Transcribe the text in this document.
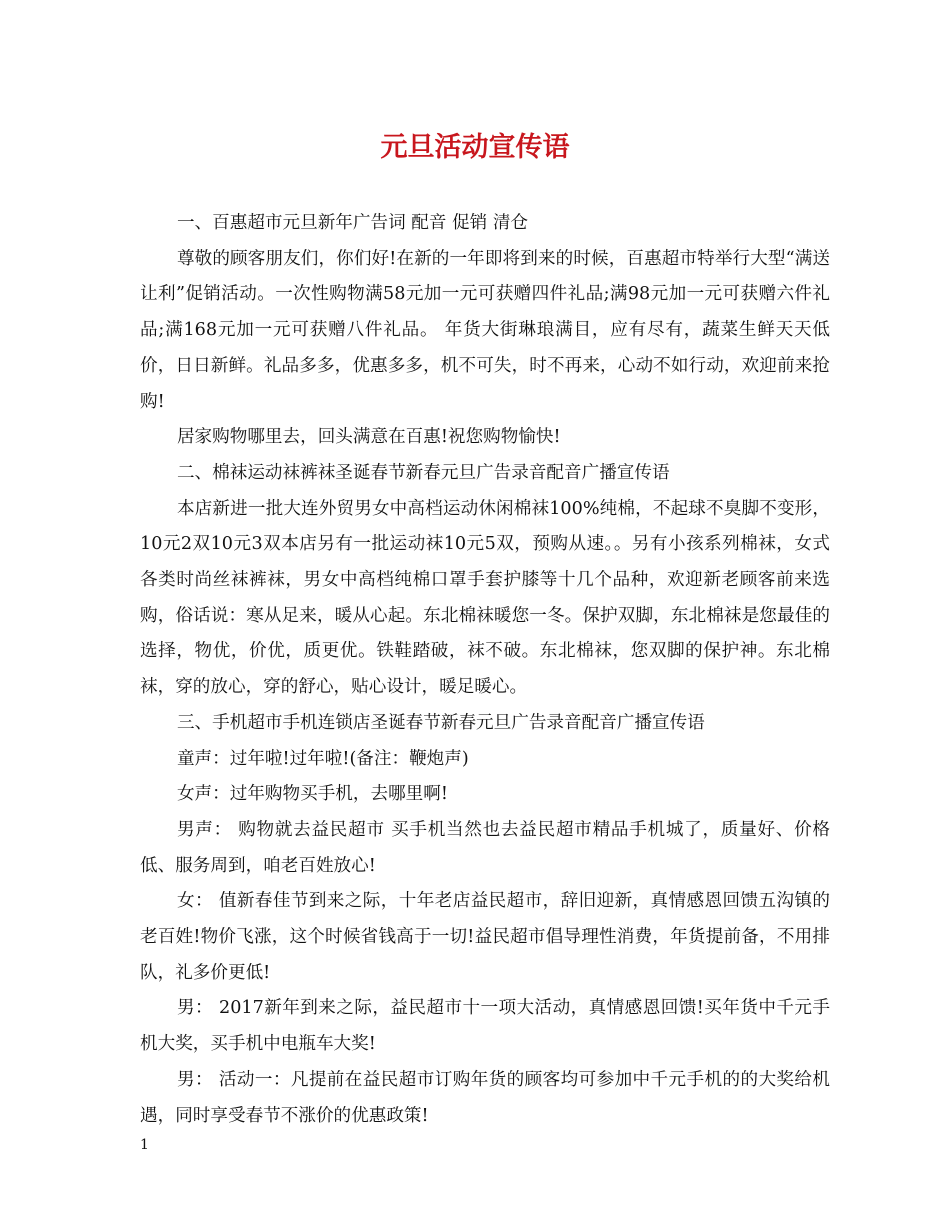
元旦活动宣传语

一、百惠超市元旦新年广告词 配音 促销 清仓

尊敬的顾客朋友们，你们好!在新的一年即将到来的时候，百惠超市特举行大型“满送让利”促销活动。一次性购物满58元加一元可获赠四件礼品;满98元加一元可获赠六件礼品;满168元加一元可获赠八件礼品。 年货大街琳琅满目，应有尽有，蔬菜生鲜天天低价，日日新鲜。礼品多多，优惠多多，机不可失，时不再来，心动不如行动，欢迎前来抢购!

居家购物哪里去，回头满意在百惠!祝您购物愉快!

二、棉袜运动袜裤袜圣诞春节新春元旦广告录音配音广播宣传语

本店新进一批大连外贸男女中高档运动休闲棉袜100%纯棉，不起球不臭脚不变形，10元2双10元3双本店另有一批运动袜10元5双，预购从速。。另有小孩系列棉袜，女式各类时尚丝袜裤袜，男女中高档纯棉口罩手套护膝等十几个品种，欢迎新老顾客前来选购，俗话说：寒从足来，暖从心起。东北棉袜暖您一冬。保护双脚，东北棉袜是您最佳的选择，物优，价优，质更优。铁鞋踏破，袜不破。东北棉袜，您双脚的保护神。东北棉袜，穿的放心，穿的舒心，贴心设计，暖足暖心。

三、手机超市手机连锁店圣诞春节新春元旦广告录音配音广播宣传语

童声：过年啦!过年啦!(备注：鞭炮声)

女声：过年购物买手机，去哪里啊!

男声： 购物就去益民超市 买手机当然也去益民超市精品手机城了，质量好、价格低、服务周到，咱老百姓放心!

女： 值新春佳节到来之际，十年老店益民超市，辞旧迎新，真情感恩回馈五沟镇的老百姓!物价飞涨，这个时候省钱高于一切!益民超市倡导理性消费，年货提前备，不用排队，礼多价更低!

男： 2017新年到来之际，益民超市十一项大活动，真情感恩回馈!买年货中千元手机大奖，买手机中电瓶车大奖!

男： 活动一：凡提前在益民超市订购年货的顾客均可参加中千元手机的的大奖给机遇，同时享受春节不涨价的优惠政策!

1
